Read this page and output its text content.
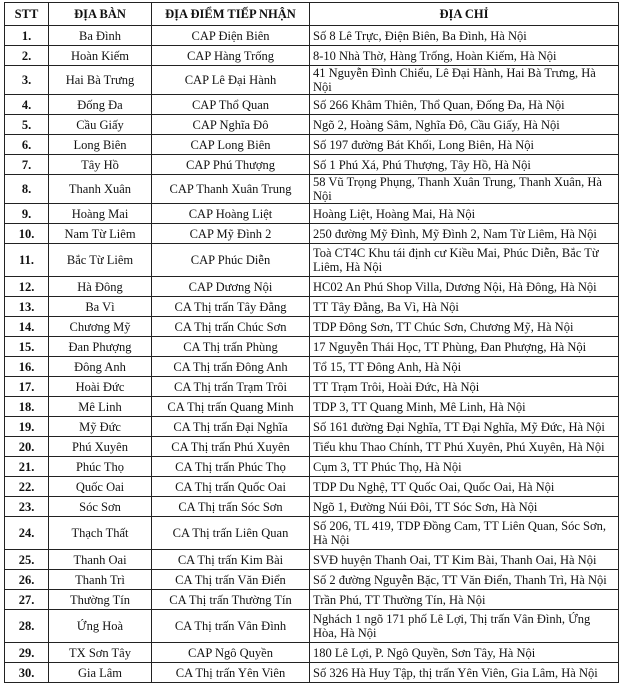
STT	ĐỊA BÀN	ĐỊA ĐIỂM TIẾP NHẬN	ĐỊA CHỈ
1.	Ba Đình	CAP Điện Biên	Số 8 Lê Trực, Điện Biên, Ba Đình, Hà Nội
2.	Hoàn Kiếm	CAP Hàng Trống	8-10 Nhà Thờ, Hàng Trống, Hoàn Kiếm, Hà Nội
3.	Hai Bà Trưng	CAP Lê Đại Hành	41 Nguyễn Đình Chiểu, Lê Đại Hành, Hai Bà Trưng, Hà Nội
4.	Đống Đa	CAP Thổ Quan	Số 266 Khâm Thiên, Thổ Quan, Đống Đa, Hà Nội
5.	Cầu Giấy	CAP Nghĩa Đô	Ngõ 2, Hoàng Sâm, Nghĩa Đô, Cầu Giấy, Hà Nội
6.	Long Biên	CAP Long Biên	Số 197 đường Bát Khối, Long Biên, Hà Nội
7.	Tây Hồ	CAP Phú Thượng	Số 1 Phú Xá, Phú Thượng, Tây Hồ, Hà Nội
8.	Thanh Xuân	CAP Thanh Xuân Trung	58 Vũ Trọng Phụng, Thanh Xuân Trung, Thanh Xuân, Hà Nội
9.	Hoàng Mai	CAP Hoàng Liệt	Hoàng Liệt, Hoàng Mai, Hà Nội
10.	Nam Từ Liêm	CAP Mỹ Đình 2	250 đường Mỹ Đình, Mỹ Đình 2, Nam Từ Liêm, Hà Nội
11.	Bắc Từ Liêm	CAP Phúc Diễn	Toà CT4C Khu tái định cư Kiều Mai, Phúc Diễn, Bắc Từ Liêm, Hà Nội
12.	Hà Đông	CAP Dương Nội	HC02 An Phú Shop Villa, Dương Nội, Hà Đông, Hà Nội
13.	Ba Vì	CA Thị trấn Tây Đằng	TT Tây Đằng, Ba Vì, Hà Nội
14.	Chương Mỹ	CA Thị trấn Chúc Sơn	TDP Đông Sơn, TT Chúc Sơn, Chương Mỹ, Hà Nội
15.	Đan Phượng	CA Thị trấn Phùng	17 Nguyễn Thái Học, TT Phùng, Đan Phượng, Hà Nội
16.	Đông Anh	CA Thị trấn Đông Anh	Tổ 15, TT Đông Anh, Hà Nội
17.	Hoài Đức	CA Thị trấn Trạm Trôi	TT Trạm Trôi, Hoài Đức, Hà Nội
18.	Mê Linh	CA Thị trấn Quang Minh	TDP 3, TT Quang Minh, Mê Linh, Hà Nội
19.	Mỹ Đức	CA Thị trấn Đại Nghĩa	Số 161 đường Đại Nghĩa, TT Đại Nghĩa, Mỹ Đức, Hà Nội
20.	Phú Xuyên	CA Thị trấn Phú Xuyên	Tiểu khu Thao Chính, TT Phú Xuyên, Phú Xuyên, Hà Nội
21.	Phúc Thọ	CA Thị trấn Phúc Thọ	Cụm 3, TT Phúc Thọ, Hà Nội
22.	Quốc Oai	CA Thị trấn Quốc Oai	TDP Du Nghệ, TT Quốc Oai, Quốc Oai, Hà Nội
23.	Sóc Sơn	CA Thị trấn Sóc Sơn	Ngõ 1, Đường Núi Đôi, TT Sóc Sơn, Hà Nội
24.	Thạch Thất	CA Thị trấn Liên Quan	Số 206, TL 419, TDP Đồng Cam, TT Liên Quan, Sóc Sơn, Hà Nội
25.	Thanh Oai	CA Thị trấn Kim Bài	SVĐ huyện Thanh Oai, TT Kim Bài, Thanh Oai, Hà Nội
26.	Thanh Trì	CA Thị trấn Văn Điển	Số 2 đường Nguyễn Bặc, TT Văn Điển, Thanh Trì, Hà Nội
27.	Thường Tín	CA Thị trấn Thường Tín	Trần Phú, TT Thường Tín, Hà Nội
28.	Ứng Hoà	CA Thị trấn Vân Đình	Nghách 1 ngõ 171 phố Lê Lợi, Thị trấn Vân Đình, Ứng Hòa, Hà Nội
29.	TX Sơn Tây	CAP Ngô Quyền	180 Lê Lợi, P. Ngô Quyền, Sơn Tây, Hà Nội
30.	Gia Lâm	CA Thị trấn Yên Viên	Số 326 Hà Huy Tập, thị trấn Yên Viên, Gia Lâm, Hà Nội
